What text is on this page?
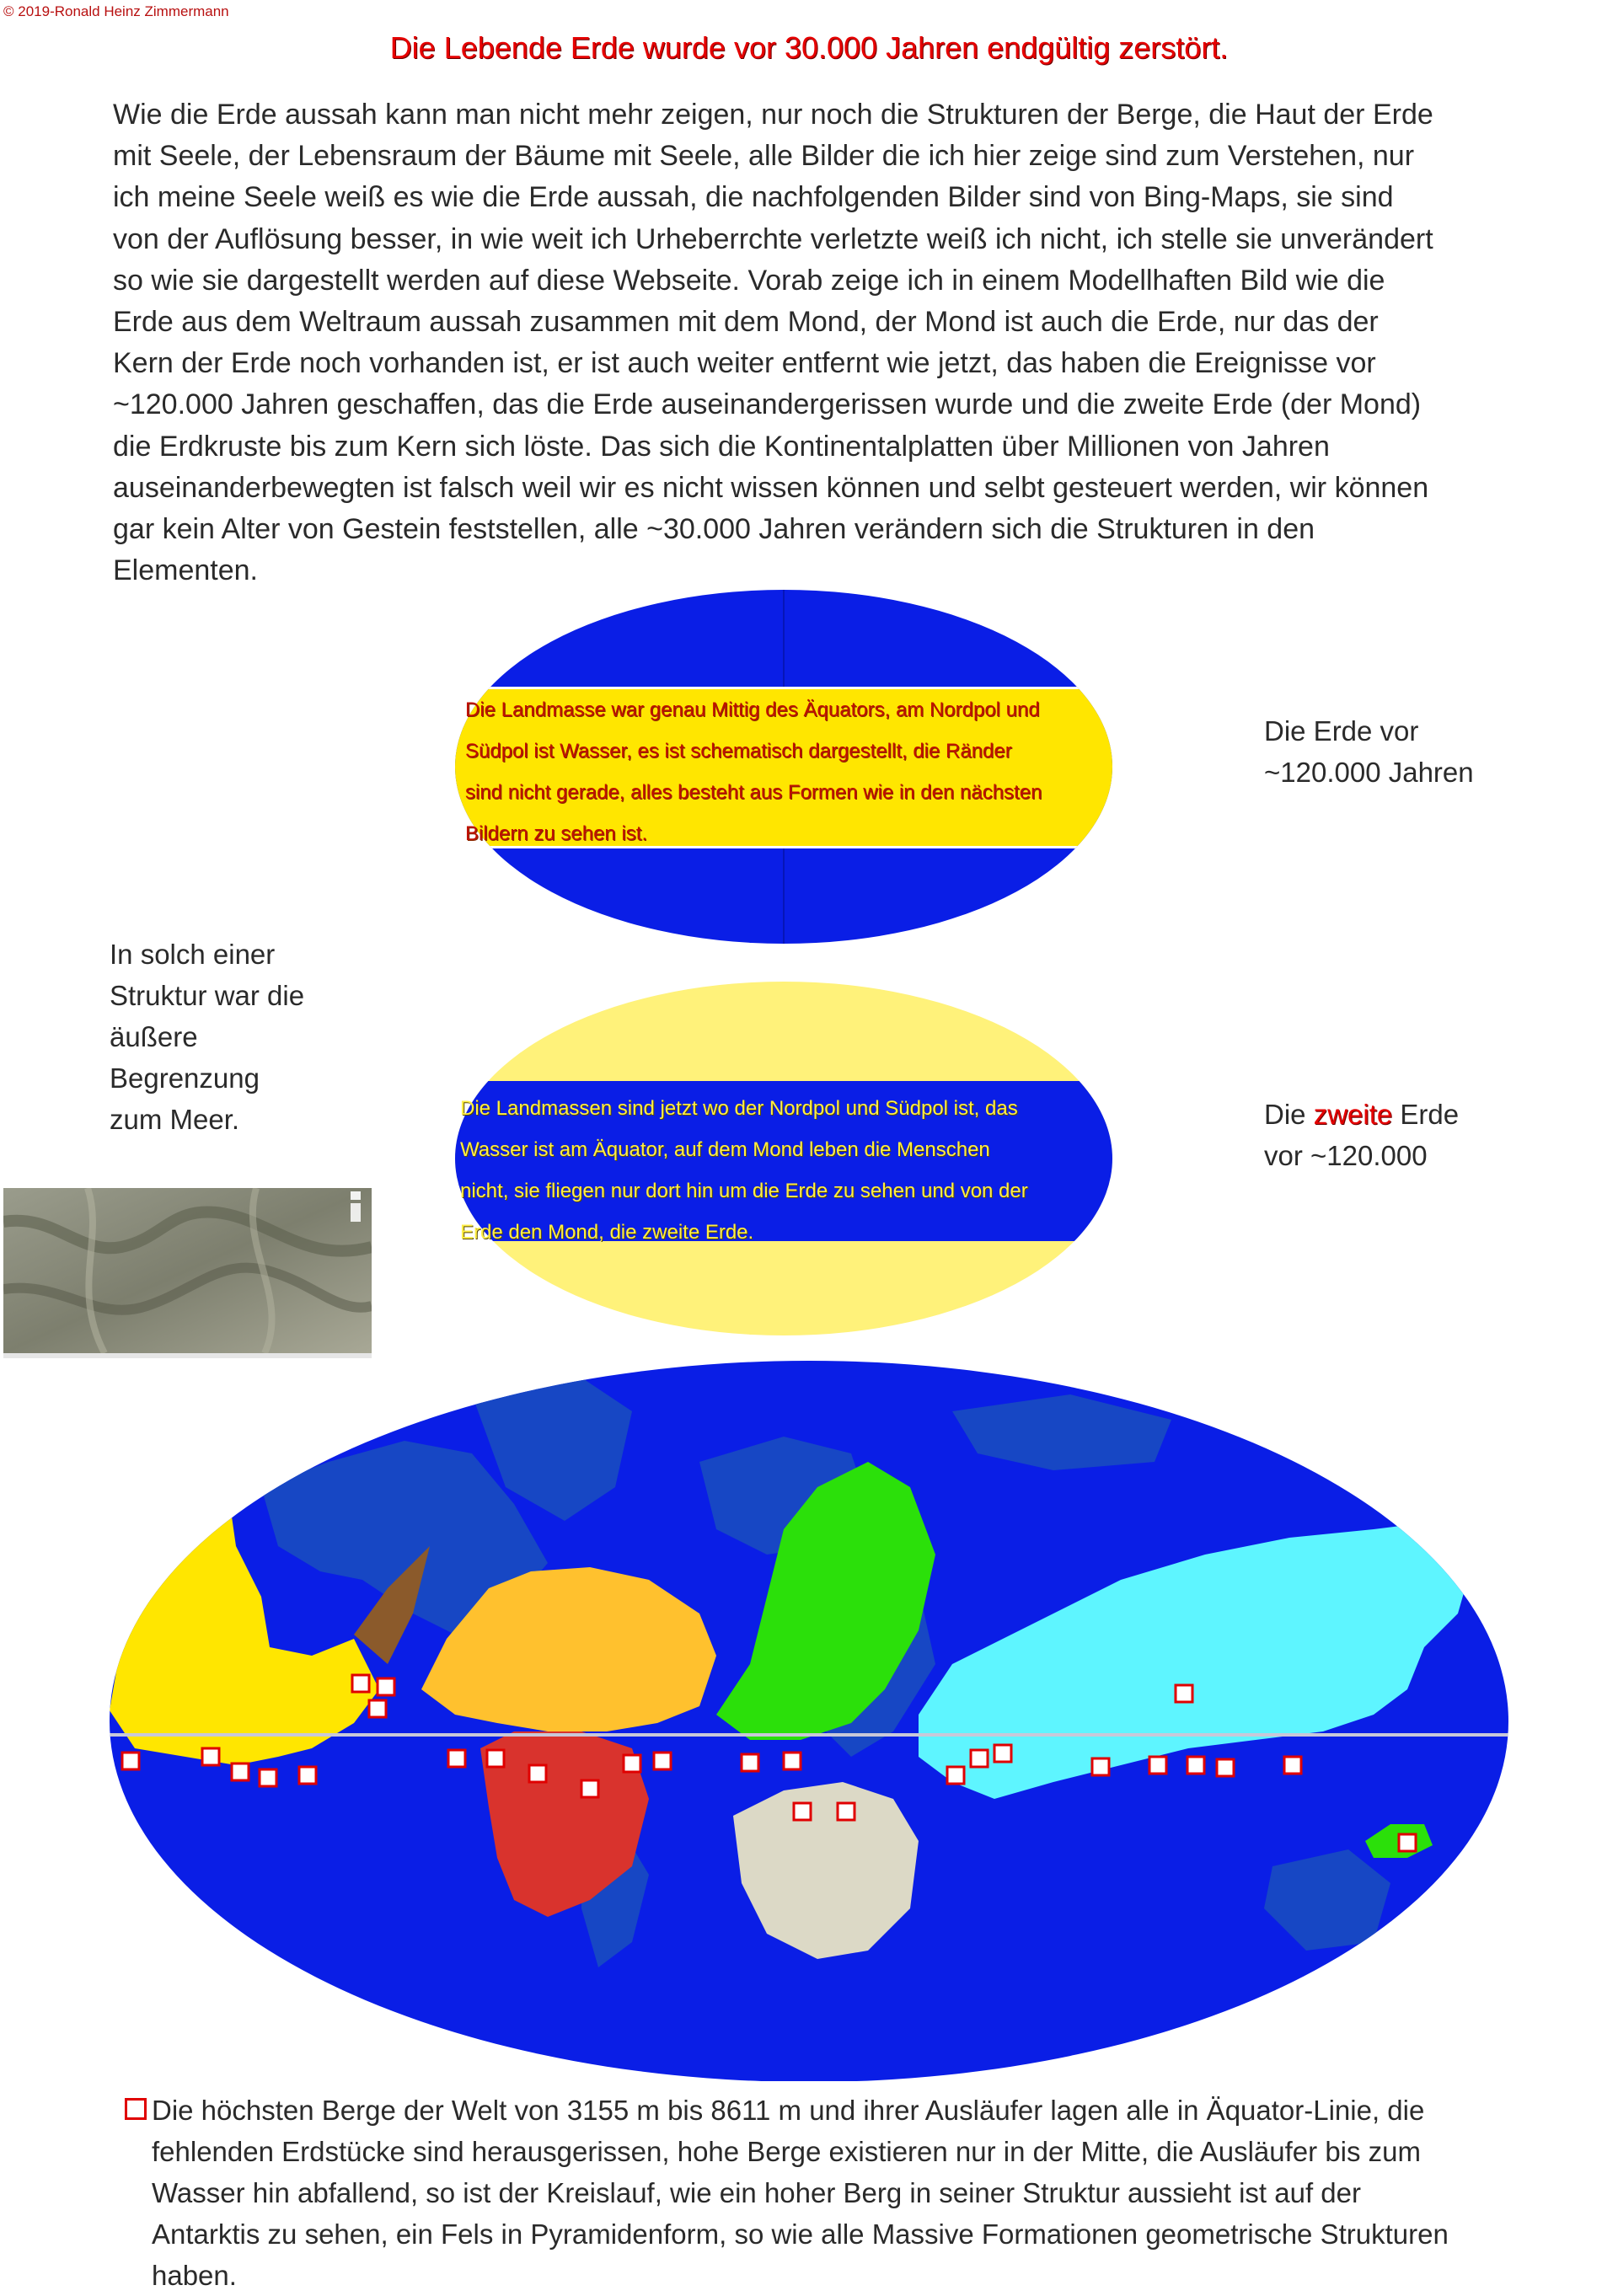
© 2019-Ronald Heinz Zimmermann
Die Lebende Erde wurde vor 30.000 Jahren endgültig zerstört.
Wie die Erde aussah kann man nicht mehr zeigen, nur noch die Strukturen der Berge, die Haut der Erde
mit Seele, der Lebensraum der Bäume mit Seele, alle Bilder die ich hier zeige sind zum Verstehen, nur
ich meine Seele weiß es wie die Erde aussah, die nachfolgenden Bilder sind von Bing-Maps, sie sind
von der Auflösung besser, in wie weit ich Urheberrchte verletzte weiß ich nicht, ich stelle sie unverändert
so wie sie dargestellt werden auf diese Webseite. Vorab zeige ich in einem Modellhaften Bild wie die
Erde aus dem Weltraum aussah zusammen mit dem Mond, der Mond ist auch die Erde, nur das der
Kern der Erde noch vorhanden ist, er ist auch weiter entfernt wie jetzt, das haben die Ereignisse vor
~120.000 Jahren geschaffen, das die Erde auseinandergerissen wurde und die zweite Erde (der Mond)
die Erdkruste bis zum Kern sich löste. Das sich die Kontinentalplatten über Millionen von Jahren
auseinanderbewegten ist falsch weil wir es nicht wissen können und selbt gesteuert werden, wir können
gar kein Alter von Gestein feststellen, alle ~30.000 Jahren verändern sich die Strukturen in den
Elementen.
Die Landmasse war genau Mittig des Äquators, am Nordpol und
Südpol ist Wasser, es ist schematisch dargestellt, die Ränder
sind nicht gerade, alles besteht aus Formen wie in den nächsten
Bildern zu sehen ist.
Die Erde vor
~120.000 Jahren
In solch einer
Struktur war die
äußere
Begrenzung
zum Meer.	Die Landmassen sind jetzt wo der Nordpol und Südpol ist, das
Wasser ist am Äquator, auf dem Mond leben die Menschen
nicht, sie fliegen nur dort hin um die Erde zu sehen und von der
Erde den Mond, die zweite Erde.
Die zweite Erde
vor ~120.000
Die höchsten Berge der Welt von 3155 m bis 8611 m und ihrer Ausläufer lagen alle in Äquator-Linie, die
fehlenden Erdstücke sind herausgerissen, hohe Berge existieren nur in der Mitte, die Ausläufer bis zum
Wasser hin abfallend, so ist der Kreislauf, wie ein hoher Berg in seiner Struktur aussieht ist auf der
Antarktis zu sehen, ein Fels in Pyramidenform, so wie alle Massive Formationen geometrische Strukturen
haben.
